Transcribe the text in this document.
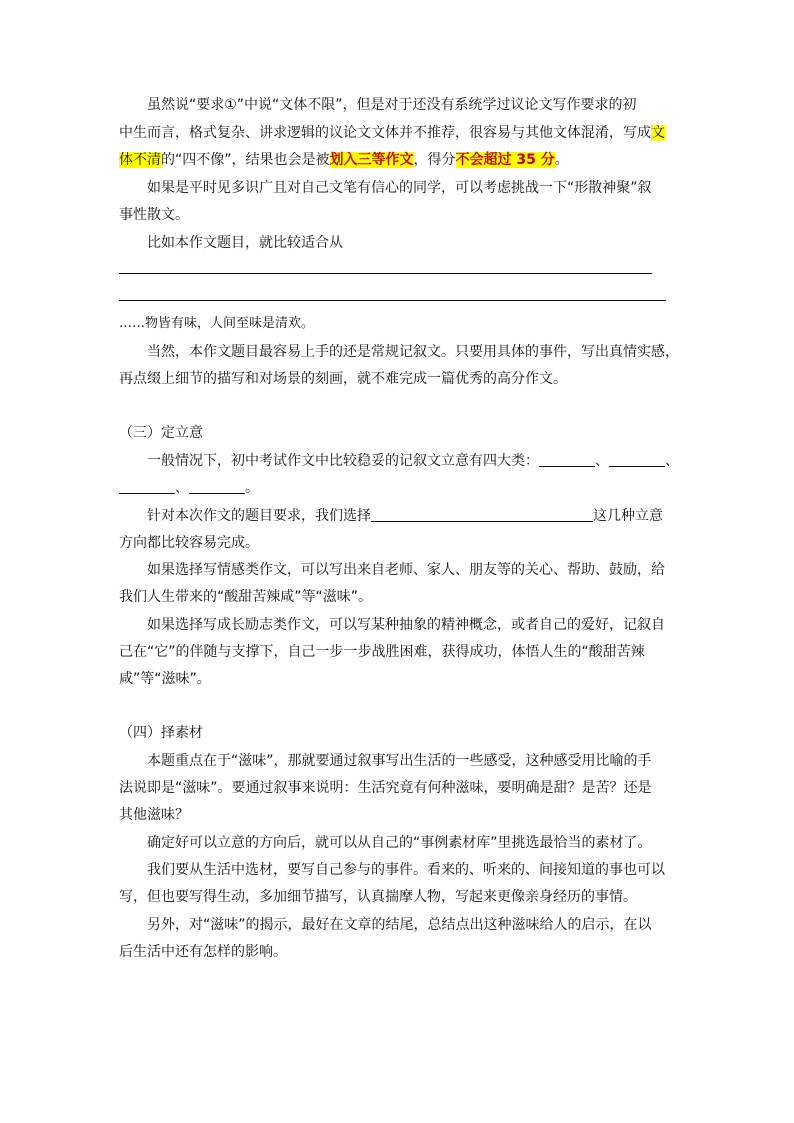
虽然说“要求①”中说“文体不限”，但是对于还没有系统学过议论文写作要求的初
中生而言，格式复杂、讲求逻辑的议论文文体并不推荐，很容易与其他文体混淆，写成文
体不清的“四不像”，结果也会是被划入三等作文，得分不会超过 35 分。
如果是平时见多识广且对自己文笔有信心的同学，可以考虑挑战一下“形散神聚”叙
事性散文。
比如本作文题目，就比较适合从
……物皆有味，人间至味是清欢。
当然，本作文题目最容易上手的还是常规记叙文。只要用具体的事件，写出真情实感，
再点缀上细节的描写和对场景的刻画，就不难完成一篇优秀的高分作文。
（三）定立意
一般情况下，初中考试作文中比较稳妥的记叙文立意有四大类：	、	、
、	。
针对本次作文的题目要求，我们选择	这几种立意
方向都比较容易完成。
如果选择写情感类作文，可以写出来自老师、家人、朋友等的关心、帮助、鼓励，给
我们人生带来的“酸甜苦辣咸”等“滋味”。
如果选择写成长励志类作文，可以写某种抽象的精神概念，或者自己的爱好，记叙自
己在“它”的伴随与支撑下，自己一步一步战胜困难，获得成功，体悟人生的“酸甜苦辣
咸”等“滋味”。
（四）择素材
本题重点在于“滋味”，那就要通过叙事写出生活的一些感受，这种感受用比喻的手
法说即是“滋味”。要通过叙事来说明：生活究竟有何种滋味，要明确是甜？是苦？还是
其他滋味？
确定好可以立意的方向后，就可以从自己的“事例素材库”里挑选最恰当的素材了。
我们要从生活中选材，要写自己参与的事件。看来的、听来的、间接知道的事也可以
写，但也要写得生动，多加细节描写，认真揣摩人物，写起来更像亲身经历的事情。
另外，对“滋味”的揭示，最好在文章的结尾，总结点出这种滋味给人的启示，在以
后生活中还有怎样的影响。
